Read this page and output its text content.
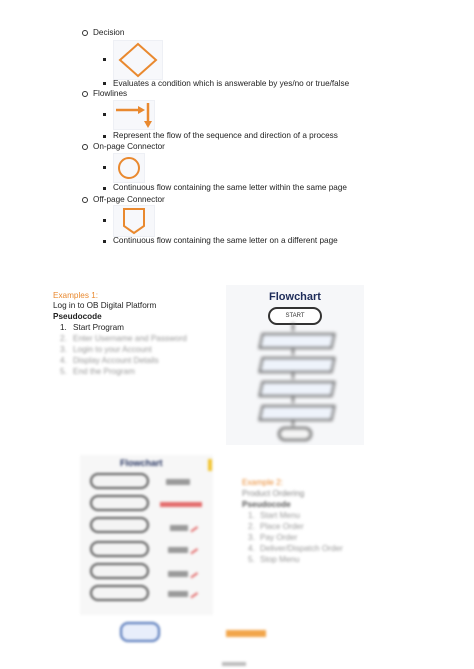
Decision
Evaluates a condition which is answerable by yes/no or true/false
Flowlines
Represent the flow of the sequence and direction of a process
On-page Connector
Continuous flow containing the same letter within the same page
Off-page Connector
Continuous flow containing the same letter on a different page
Examples 1:
Log in to OB Digital Platform
Pseudocode
1. Start Program
2. Enter Username and Password
3. Login to your Account
4. Display Account Details
5. End the Program
Flowchart
START
Flowchart
Example 2:
Product Ordering
Pseudocode
1. Start Menu
2. Place Order
3. Pay Order
4. Deliver/Dispatch Order
5. Stop Menu
